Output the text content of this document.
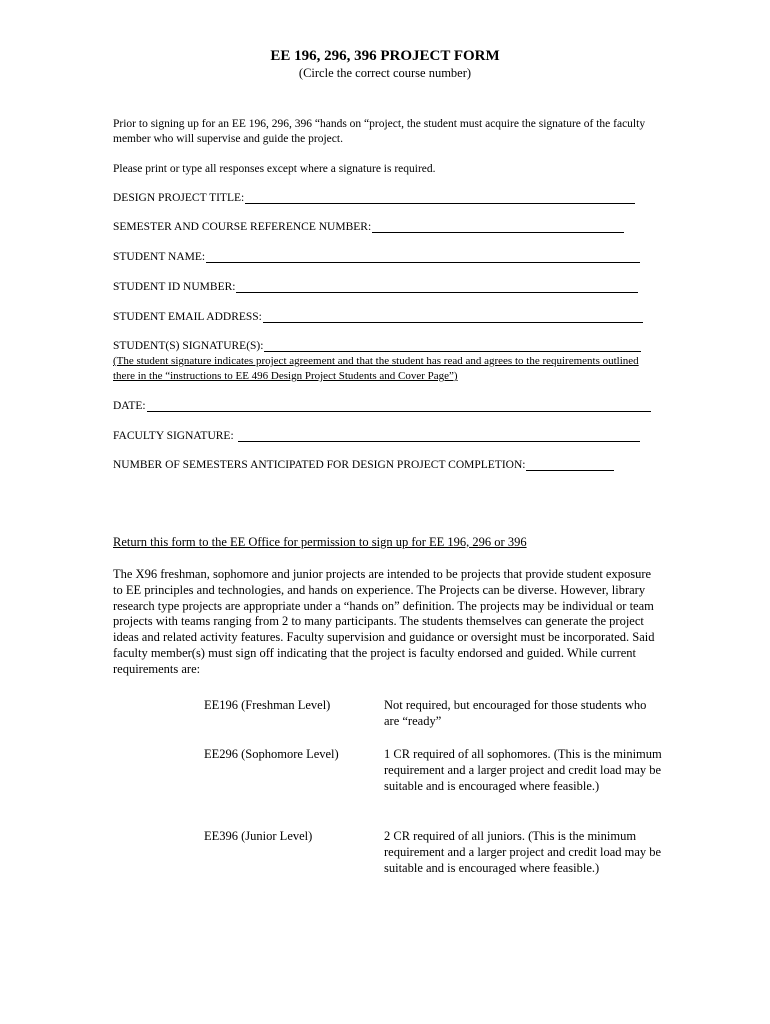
EE 196, 296, 396 PROJECT FORM
(Circle the correct course number)
Prior to signing up for an EE 196, 296, 396 “hands on “project, the student must acquire the signature of the faculty member who will supervise and guide the project.
Please print or type all responses except where a signature is required.
DESIGN PROJECT TITLE:
SEMESTER AND COURSE REFERENCE NUMBER:
STUDENT NAME:
STUDENT ID NUMBER:
STUDENT EMAIL ADDRESS:
STUDENT(S) SIGNATURE(S):
(The student signature indicates project agreement and that the student has read and agrees to the requirements outlined there in the “instructions to EE 496 Design Project Students and Cover Page”)
DATE:
FACULTY SIGNATURE:
NUMBER OF SEMESTERS ANTICIPATED FOR DESIGN PROJECT COMPLETION:
Return this form to the EE Office for permission to sign up for EE 196, 296 or 396
The X96 freshman, sophomore and junior projects are intended to be projects that provide student exposure to EE principles and technologies, and hands on experience. The Projects can be diverse. However, library research type projects are appropriate under a “hands on” definition. The projects may be individual or team projects with teams ranging from 2 to many participants. The students themselves can generate the project ideas and related activity features. Faculty supervision and guidance or oversight must be incorporated. Said faculty member(s) must sign off indicating that the project is faculty endorsed and guided. While current requirements are:
EE196 (Freshman Level)	Not required, but encouraged for those students who are “ready”
EE296 (Sophomore Level)	1 CR required of all sophomores. (This is the minimum requirement and a larger project and credit load may be suitable and is encouraged where feasible.)
EE396 (Junior Level)	2 CR required of all juniors. (This is the minimum requirement and a larger project and credit load may be suitable and is encouraged where feasible.)
